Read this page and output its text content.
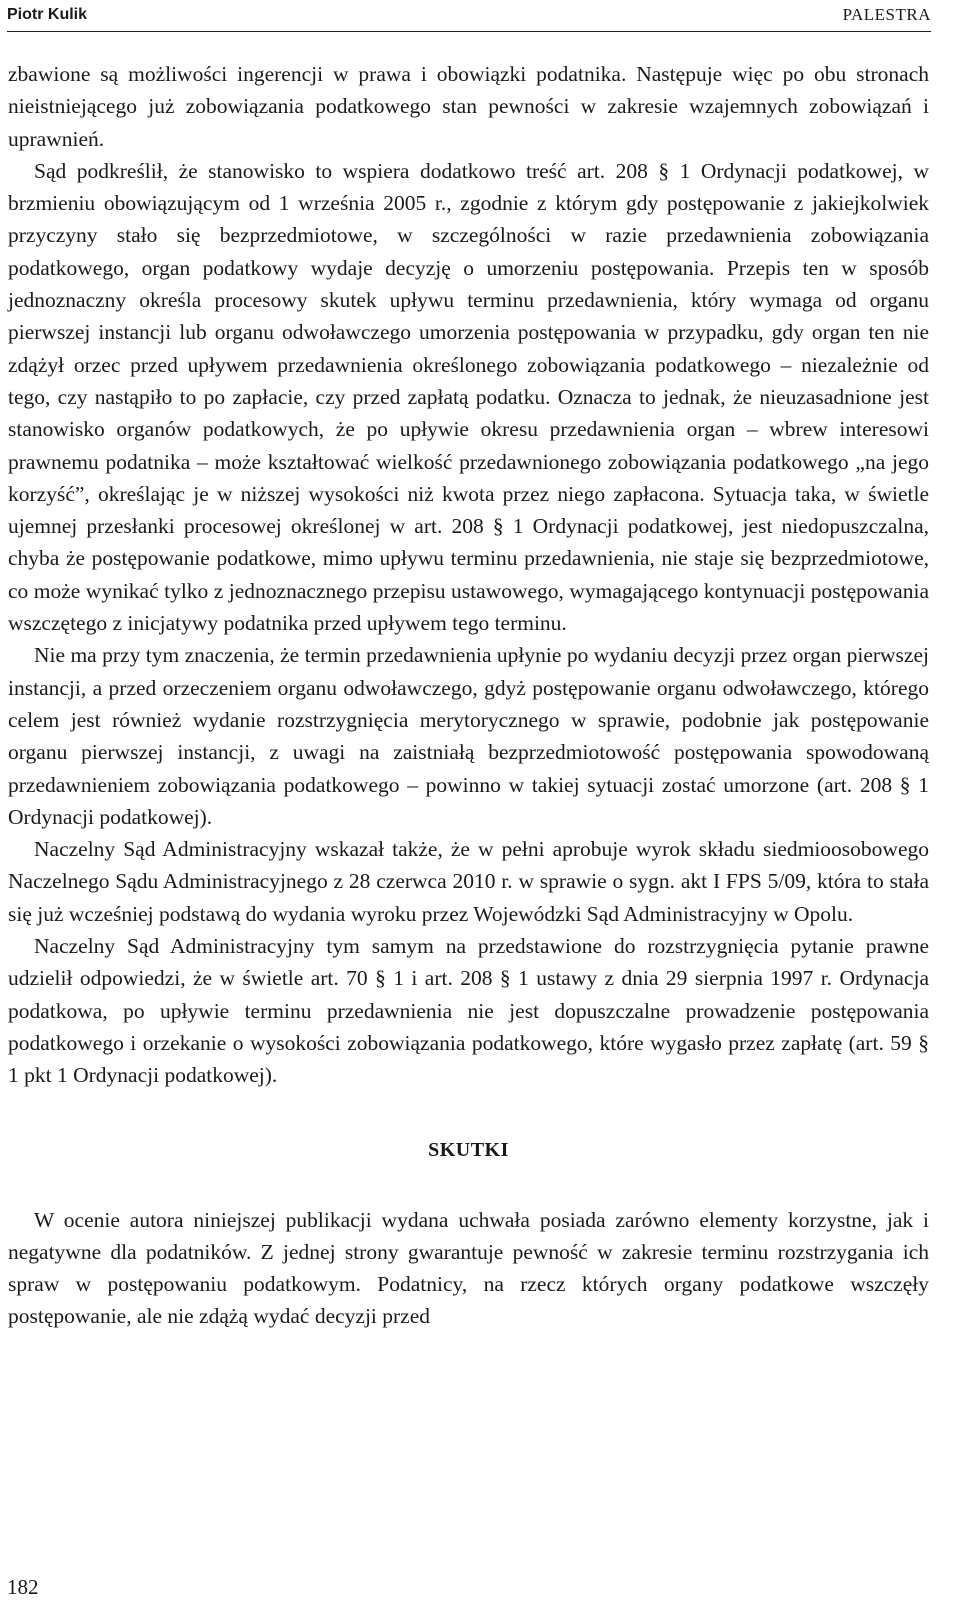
Piotr Kulik	PALESTRA

zbawione są możliwości ingerencji w prawa i obowiązki podatnika. Następuje więc po obu stronach nieistniejącego już zobowiązania podatkowego stan pewności w zakresie wzajemnych zobowiązań i uprawnień.

Sąd podkreślił, że stanowisko to wspiera dodatkowo treść art. 208 § 1 Ordynacji podatkowej, w brzmieniu obowiązującym od 1 września 2005 r., zgodnie z którym gdy postępowanie z jakiejkolwiek przyczyny stało się bezprzedmiotowe, w szczególności w razie przedawnienia zobowiązania podatkowego, organ podatkowy wydaje decyzję o umorzeniu postępowania. Przepis ten w sposób jednoznaczny określa procesowy skutek upływu terminu przedawnienia, który wymaga od organu pierwszej instancji lub organu odwoławczego umorzenia postępowania w przypadku, gdy organ ten nie zdążył orzec przed upływem przedawnienia określonego zobowiązania podatkowego – niezależnie od tego, czy nastąpiło to po zapłacie, czy przed zapłatą podatku. Oznacza to jednak, że nieuzasadnione jest stanowisko organów podatkowych, że po upływie okresu przedawnienia organ – wbrew interesowi prawnemu podatnika – może kształtować wielkość przedawnionego zobowiązania podatkowego „na jego korzyść”, określając je w niższej wysokości niż kwota przez niego zapłacona. Sytuacja taka, w świetle ujemnej przesłanki procesowej określonej w art. 208 § 1 Ordynacji podatkowej, jest niedopuszczalna, chyba że postępowanie podatkowe, mimo upływu terminu przedawnienia, nie staje się bezprzedmiotowe, co może wynikać tylko z jednoznacznego przepisu ustawowego, wymagającego kontynuacji postępowania wszczętego z inicjatywy podatnika przed upływem tego terminu.

Nie ma przy tym znaczenia, że termin przedawnienia upłynie po wydaniu decyzji przez organ pierwszej instancji, a przed orzeczeniem organu odwoławczego, gdyż postępowanie organu odwoławczego, którego celem jest również wydanie rozstrzygnięcia merytorycznego w sprawie, podobnie jak postępowanie organu pierwszej instancji, z uwagi na zaistniałą bezprzedmiotowość postępowania spowodowaną przedawnieniem zobowiązania podatkowego – powinno w takiej sytuacji zostać umorzone (art. 208 § 1 Ordynacji podatkowej).

Naczelny Sąd Administracyjny wskazał także, że w pełni aprobuje wyrok składu siedmioosobowego Naczelnego Sądu Administracyjnego z 28 czerwca 2010 r. w sprawie o sygn. akt I FPS 5/09, która to stała się już wcześniej podstawą do wydania wyroku przez Wojewódzki Sąd Administracyjny w Opolu.

Naczelny Sąd Administracyjny tym samym na przedstawione do rozstrzygnięcia pytanie prawne udzielił odpowiedzi, że w świetle art. 70 § 1 i art. 208 § 1 ustawy z dnia 29 sierpnia 1997 r. Ordynacja podatkowa, po upływie terminu przedawnienia nie jest dopuszczalne prowadzenie postępowania podatkowego i orzekanie o wysokości zobowiązania podatkowego, które wygasło przez zapłatę (art. 59 § 1 pkt 1 Ordynacji podatkowej).

SKUTKI

W ocenie autora niniejszej publikacji wydana uchwała posiada zarówno elementy korzystne, jak i negatywne dla podatników. Z jednej strony gwarantuje pewność w zakresie terminu rozstrzygania ich spraw w postępowaniu podatkowym. Podatnicy, na rzecz których organy podatkowe wszczęły postępowanie, ale nie zdążą wydać decyzji przed

182
